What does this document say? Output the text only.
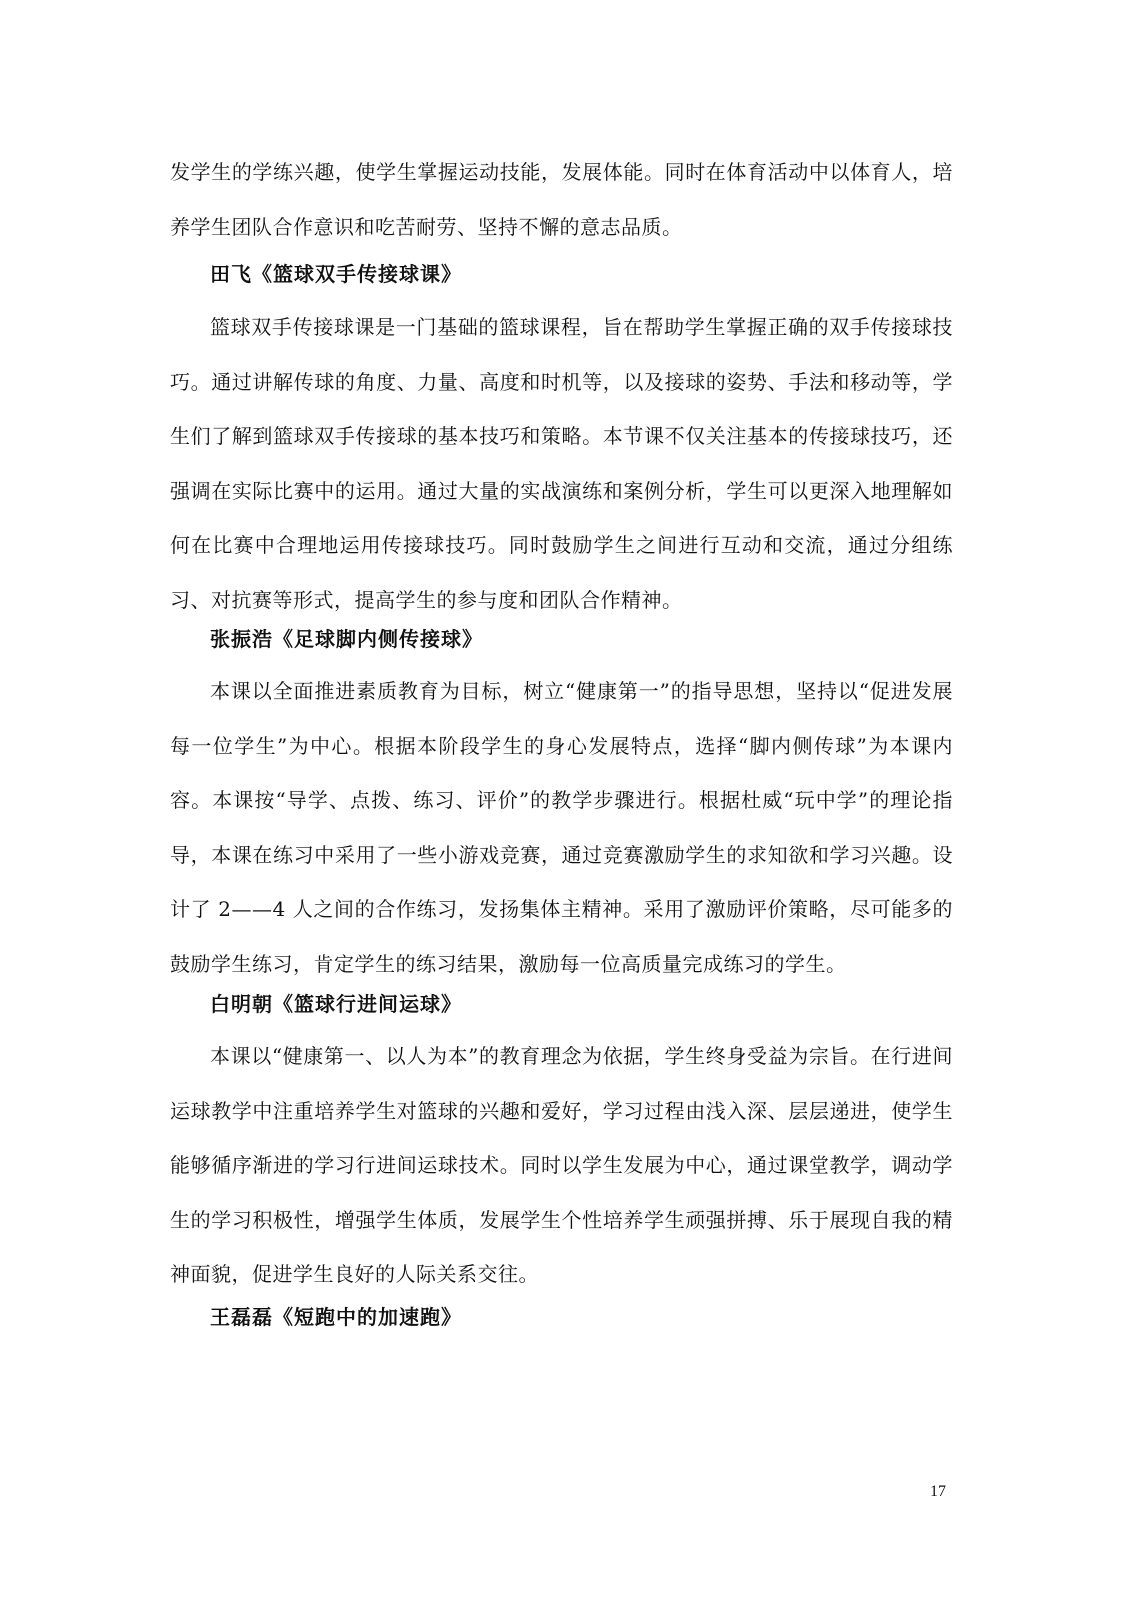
发学生的学练兴趣，使学生掌握运动技能，发展体能。同时在体育活动中以体育人，培养学生团队合作意识和吃苦耐劳、坚持不懈的意志品质。
田飞《篮球双手传接球课》
篮球双手传接球课是一门基础的篮球课程，旨在帮助学生掌握正确的双手传接球技巧。通过讲解传球的角度、力量、高度和时机等，以及接球的姿势、手法和移动等，学生们了解到篮球双手传接球的基本技巧和策略。本节课不仅关注基本的传接球技巧，还强调在实际比赛中的运用。通过大量的实战演练和案例分析，学生可以更深入地理解如何在比赛中合理地运用传接球技巧。同时鼓励学生之间进行互动和交流，通过分组练习、对抗赛等形式，提高学生的参与度和团队合作精神。
张振浩《足球脚内侧传接球》
本课以全面推进素质教育为目标，树立“健康第一”的指导思想，坚持以“促进发展每一位学生”为中心。根据本阶段学生的身心发展特点，选择“脚内侧传球”为本课内容。本课按“导学、点拨、练习、评价”的教学步骤进行。根据杜威“玩中学”的理论指导，本课在练习中采用了一些小游戏竞赛，通过竞赛激励学生的求知欲和学习兴趣。设计了 2——4 人之间的合作练习，发扬集体主精神。采用了激励评价策略，尽可能多的鼓励学生练习，肯定学生的练习结果，激励每一位高质量完成练习的学生。
白明朝《篮球行进间运球》
本课以“健康第一、以人为本”的教育理念为依据，学生终身受益为宗旨。在行进间运球教学中注重培养学生对篮球的兴趣和爱好，学习过程由浅入深、层层递进，使学生能够循序渐进的学习行进间运球技术。同时以学生发展为中心，通过课堂教学，调动学生的学习积极性，增强学生体质，发展学生个性培养学生顽强拼搏、乐于展现自我的精神面貌，促进学生良好的人际关系交往。
王磊磊《短跑中的加速跑》
17
